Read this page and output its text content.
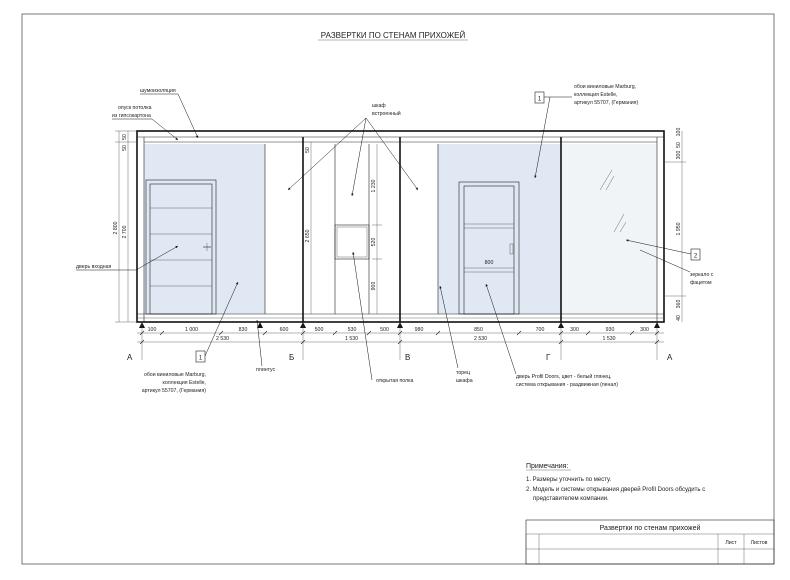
РАЗВЕРТКИ ПО СТЕНАМ ПРИХОЖЕЙ
800
50
50
2 800 2 700
50
2 650
1 230
520
900
100
50
300
1 950
360
40
100	1 000	830	600	500	530	500	980	850	700	300	930	300
2 530	1 530	2 530	1 530
А	Б	В	Г	А
шумоизоляция
опуск потолка
из гипсокартона
шкаф
встроенный
обои виниловые Marburg,
коллекция Estelle,
артикул 55707, (Германия)
1
дверь входная
2
зеркало с
фацетом
1
обои виниловые Marburg,
коллекция Estelle,
артикул 55707, (Германия)
плинтус
открытая полка
торец
шкафа
дверь Profil Doors, цвет - белый глянец,
система открывания - раздвижная (пенал)
Примечания:
1. Размеры уточнить по месту.
2. Модель и системы открывания дверей Profil Doors обсудить с
представителем компании.
Развертки по стенам прихожей
Лист	Листов
